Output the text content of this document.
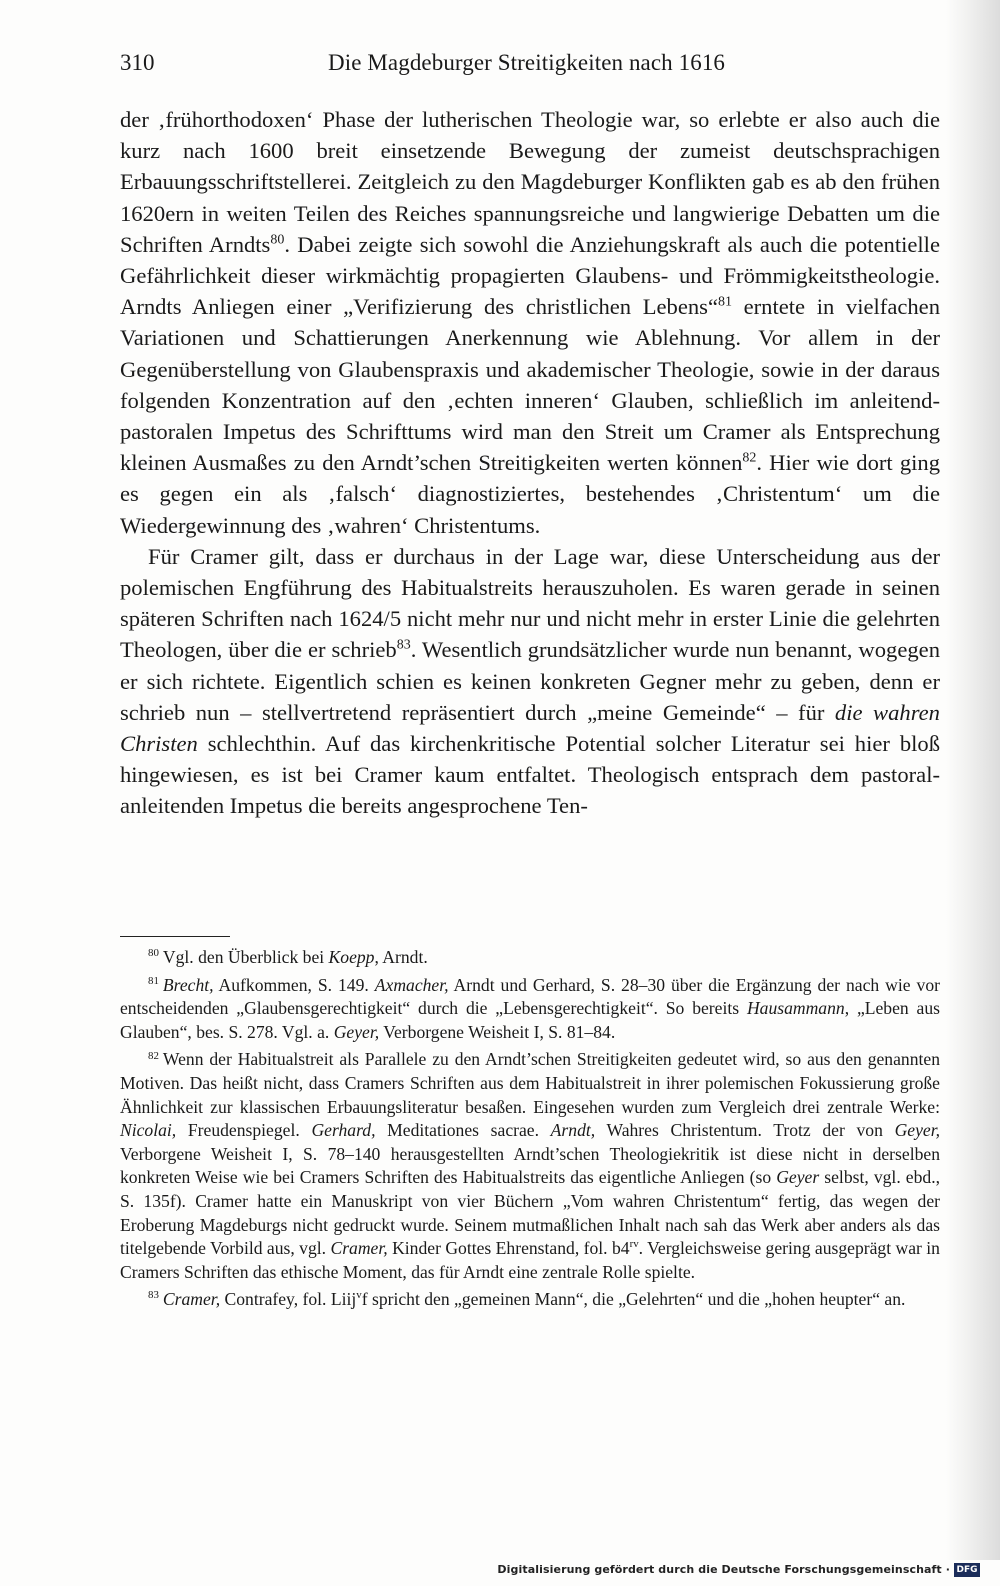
310	Die Magdeburger Streitigkeiten nach 1616

der ‚frühorthodoxen‘ Phase der lutherischen Theologie war, so erlebte er also auch die kurz nach 1600 breit einsetzende Bewegung der zumeist deutschsprachigen Erbauungsschriftstellerei. Zeitgleich zu den Magdeburger Konflikten gab es ab den frühen 1620ern in weiten Teilen des Reiches spannungsreiche und langwierige Debatten um die Schriften Arndts$^{80}$. Dabei zeigte sich sowohl die Anziehungskraft als auch die potentielle Gefährlichkeit dieser wirkmächtig propagierten Glaubens- und Frömmigkeitstheologie. Arndts Anliegen einer „Verifizierung des christlichen Lebens“$^{81}$ erntete in vielfachen Variationen und Schattierungen Anerkennung wie Ablehnung. Vor allem in der Gegenüberstellung von Glaubenspraxis und akademischer Theologie, sowie in der daraus folgenden Konzentration auf den ‚echten inneren‘ Glauben, schließlich im anleitend-pastoralen Impetus des Schrifttums wird man den Streit um Cramer als Entsprechung kleinen Ausmaßes zu den Arndt’schen Streitigkeiten werten können$^{82}$. Hier wie dort ging es gegen ein als ‚falsch‘ diagnostiziertes, bestehendes ‚Christentum‘ um die Wiedergewinnung des ‚wahren‘ Christentums.

Für Cramer gilt, dass er durchaus in der Lage war, diese Unterscheidung aus der polemischen Engführung des Habitualstreits herauszuholen. Es waren gerade in seinen späteren Schriften nach 1624/5 nicht mehr nur und nicht mehr in erster Linie die gelehrten Theologen, über die er schrieb$^{83}$. Wesentlich grundsätzlicher wurde nun benannt, wogegen er sich richtete. Eigentlich schien es keinen konkreten Gegner mehr zu geben, denn er schrieb nun – stellvertretend repräsentiert durch „meine Gemeinde“ – für die wahren Christen schlechthin. Auf das kirchenkritische Potential solcher Literatur sei hier bloß hingewiesen, es ist bei Cramer kaum entfaltet. Theologisch entsprach dem pastoral-anleitenden Impetus die bereits angesprochene Ten-

$^{80}$ Vgl. den Überblick bei Koepp, Arndt.

$^{81}$ Brecht, Aufkommen, S. 149. Axmacher, Arndt und Gerhard, S. 28–30 über die Ergänzung der nach wie vor entscheidenden „Glaubensgerechtigkeit“ durch die „Lebensgerechtigkeit“. So bereits Hausammann, „Leben aus Glauben“, bes. S. 278. Vgl. a. Geyer, Verborgene Weisheit I, S. 81–84.

$^{82}$ Wenn der Habitualstreit als Parallele zu den Arndt’schen Streitigkeiten gedeutet wird, so aus den genannten Motiven. Das heißt nicht, dass Cramers Schriften aus dem Habitualstreit in ihrer polemischen Fokussierung große Ähnlichkeit zur klassischen Erbauungsliteratur besaßen. Eingesehen wurden zum Vergleich drei zentrale Werke: Nicolai, Freudenspiegel. Gerhard, Meditationes sacrae. Arndt, Wahres Christentum. Trotz der von Geyer, Verborgene Weisheit I, S. 78–140 herausgestellten Arndt’schen Theologiekritik ist diese nicht in derselben konkreten Weise wie bei Cramers Schriften des Habitualstreits das eigentliche Anliegen (so Geyer selbst, vgl. ebd., S. 135f). Cramer hatte ein Manuskript von vier Büchern „Vom wahren Christentum“ fertig, das wegen der Eroberung Magdeburgs nicht gedruckt wurde. Seinem mutmaßlichen Inhalt nach sah das Werk aber anders als das titelgebende Vorbild aus, vgl. Cramer, Kinder Gottes Ehrenstand, fol. $b4^{rv}$. Vergleichsweise gering ausgeprägt war in Cramers Schriften das ethische Moment, das für Arndt eine zentrale Rolle spielte.

$^{83}$ Cramer, Contrafey, fol. Liij$^v$f spricht den „gemeinen Mann“, die „Gelehrten“ und die „hohen heupter“ an.

Digitalisierung gefördert durch die Deutsche Forschungsgemeinschaft · DFG
